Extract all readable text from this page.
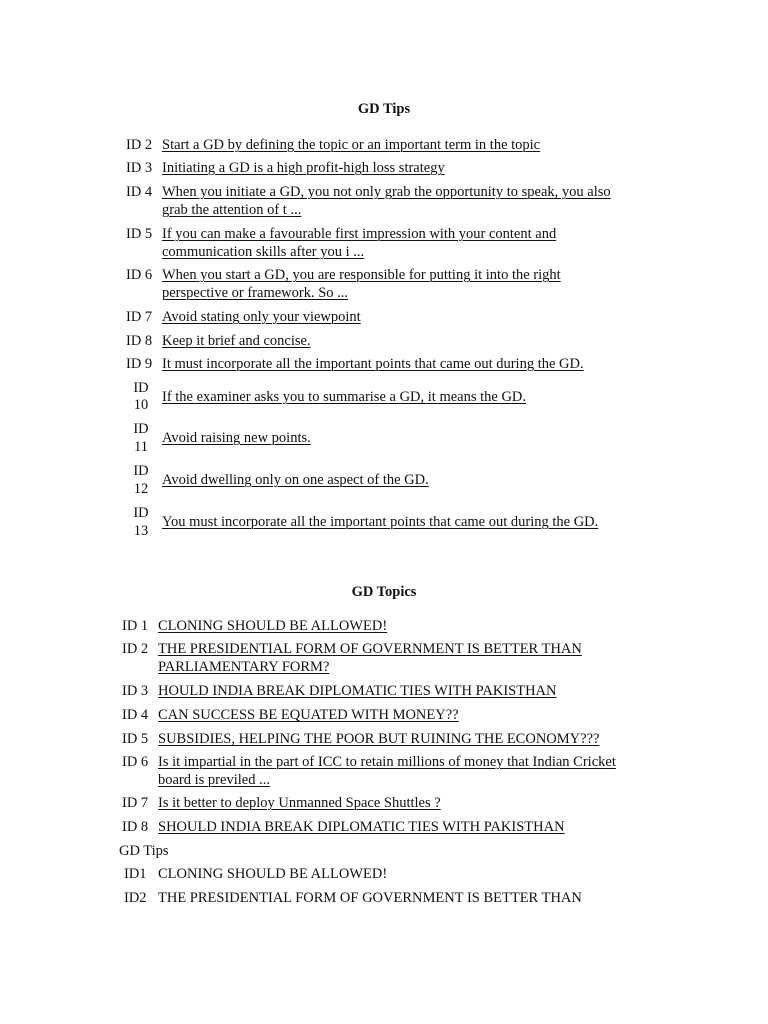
GD Tips
ID 2 Start a GD by defining the topic or an important term in the topic
ID 3 Initiating a GD is a high profit-high loss strategy
ID 4 When you initiate a GD, you not only grab the opportunity to speak, you also grab the attention of t ...
ID 5 If you can make a favourable first impression with your content and communication skills after you i ...
ID 6 When you start a GD, you are responsible for putting it into the right perspective or framework. So ...
ID 7 Avoid stating only your viewpoint
ID 8 Keep it brief and concise.
ID 9 It must incorporate all the important points that came out during the GD.
ID
10 If the examiner asks you to summarise a GD, it means the GD.
ID
11
Avoid raising new points.
ID
12
Avoid dwelling only on one aspect of the GD.
ID
13
You must incorporate all the important points that came out during the GD.
GD Topics
ID 1 CLONING SHOULD BE ALLOWED!
ID 2 THE PRESIDENTIAL FORM OF GOVERNMENT IS BETTER THAN PARLIAMENTARY FORM?
ID 3 HOULD INDIA BREAK DIPLOMATIC TIES WITH PAKISTHAN
ID 4 CAN SUCCESS BE EQUATED WITH MONEY??
ID 5 SUBSIDIES, HELPING THE POOR BUT RUINING THE ECONOMY???
ID 6 Is it impartial in the part of ICC to retain millions of money that Indian Cricket board is previled ...
ID 7 Is it better to deploy Unmanned Space Shuttles ?
ID 8 SHOULD INDIA BREAK DIPLOMATIC TIES WITH PAKISTHAN
GD Tips
ID1 CLONING SHOULD BE ALLOWED!
ID2 THE PRESIDENTIAL FORM OF GOVERNMENT IS BETTER THAN
